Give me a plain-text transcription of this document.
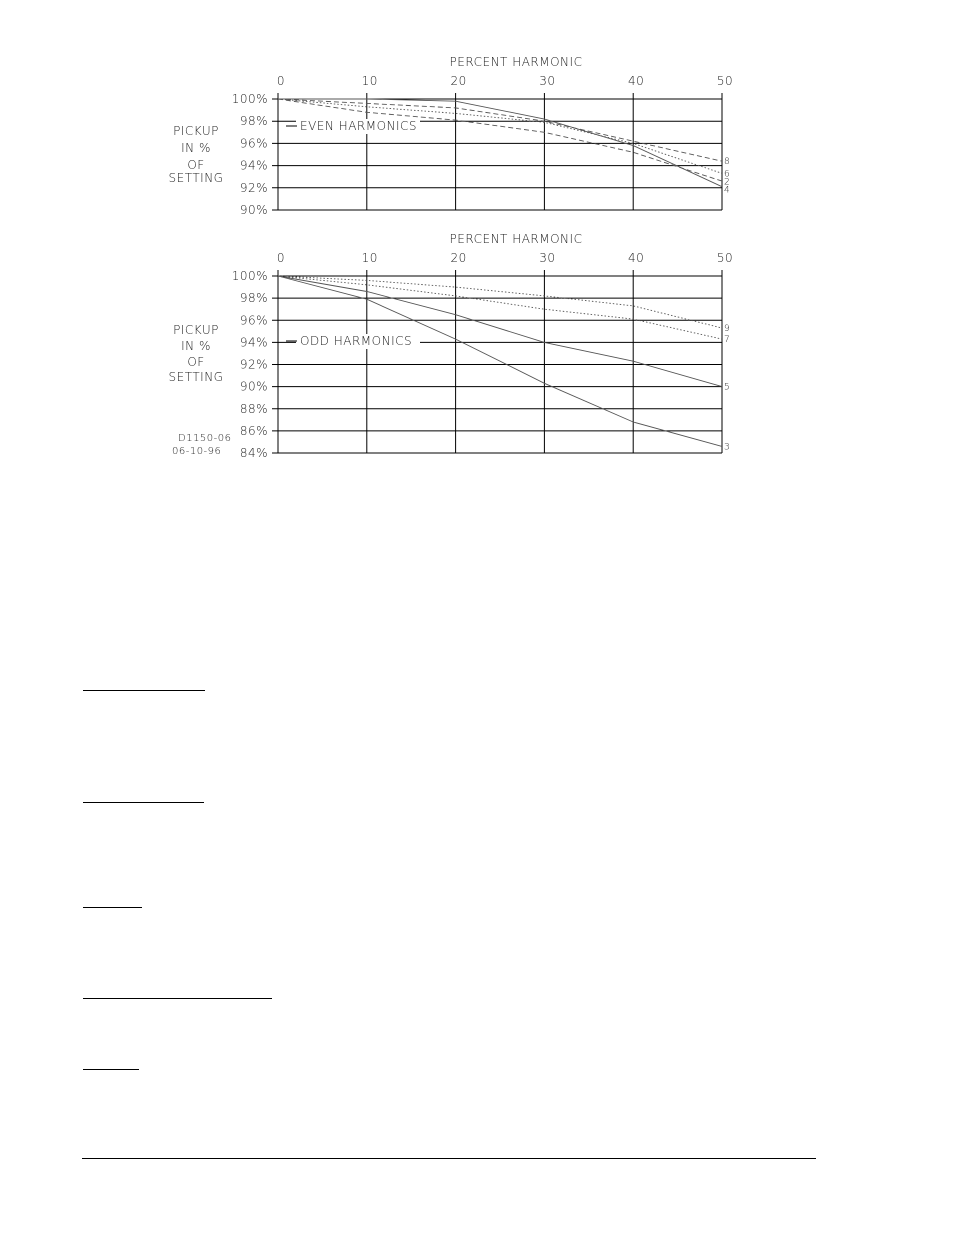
PERCENT HARMONIC
PICKUP
IN %
OF
SETTING
100%
98%
96%
94%
92%
90%
0	10	20	30	40	50
EVEN HARMONICS
8
6
2
4
PERCENT HARMONIC
PICKUP
IN %
OF
SETTING
100%
98%
96%
94%
92%
90%
88%
86%
84%
0	10	20	30	40	50
ODD HARMONICS
9
7
5
3
D1150-06
06-10-96
